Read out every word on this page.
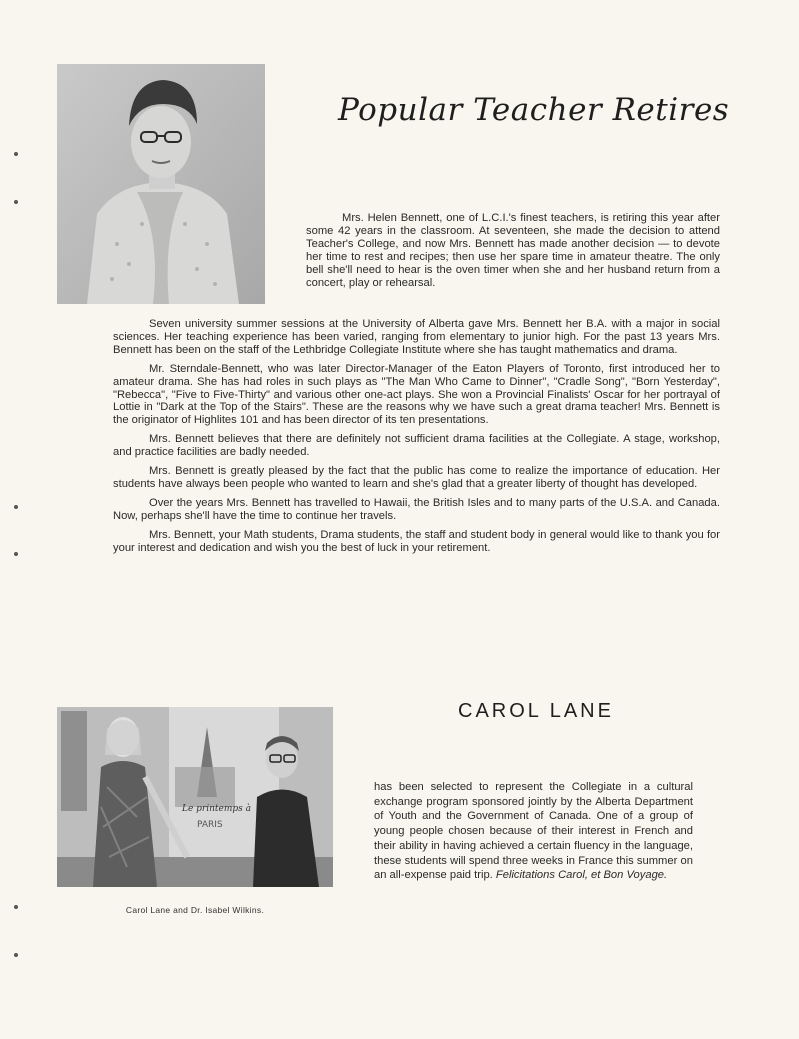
Popular Teacher Retires
Mrs. Helen Bennett, one of L.C.I.'s finest teachers, is retiring this year after some 42 years in the classroom. At seventeen, she made the decision to attend Teacher's College, and now Mrs. Bennett has made another decision — to devote her time to rest and recipes; then use her spare time in amateur theatre. The only bell she'll need to hear is the oven timer when she and her husband return from a concert, play or rehearsal.

Seven university summer sessions at the University of Alberta gave Mrs. Bennett her B.A. with a major in social sciences. Her teaching experience has been varied, ranging from elementary to junior high. For the past 13 years Mrs. Bennett has been on the staff of the Lethbridge Collegiate Institute where she has taught mathematics and drama.

Mr. Sterndale-Bennett, who was later Director-Manager of the Eaton Players of Toronto, first introduced her to amateur drama. She has had roles in such plays as "The Man Who Came to Dinner", "Cradle Song", "Born Yesterday", "Rebecca", "Five to Five-Thirty" and various other one-act plays. She won a Provincial Finalists' Oscar for her portrayal of Lottie in "Dark at the Top of the Stairs". These are the reasons why we have such a great drama teacher! Mrs. Bennett is the originator of Highlites 101 and has been director of its ten presentations.

Mrs. Bennett believes that there are definitely not sufficient drama facilities at the Collegiate. A stage, workshop, and practice facilities are badly needed.

Mrs. Bennett is greatly pleased by the fact that the public has come to realize the importance of education. Her students have always been people who wanted to learn and she's glad that a greater liberty of thought has developed.

Over the years Mrs. Bennett has travelled to Hawaii, the British Isles and to many parts of the U.S.A. and Canada. Now, perhaps she'll have the time to continue her travels.

Mrs. Bennett, your Math students, Drama students, the staff and student body in general would like to thank you for your interest and dedication and wish you the best of luck in your retirement.

Le printemps à
PARIS
Carol Lane and Dr. Isabel Wilkins.
CAROL LANE
has been selected to represent the Collegiate in a cultural exchange program sponsored jointly by the Alberta Department of Youth and the Government of Canada. One of a group of young people chosen because of their interest in French and their ability in having achieved a certain fluency in the language, these students will spend three weeks in France this summer on an all-expense paid trip. Felicitations Carol, et Bon Voyage.
